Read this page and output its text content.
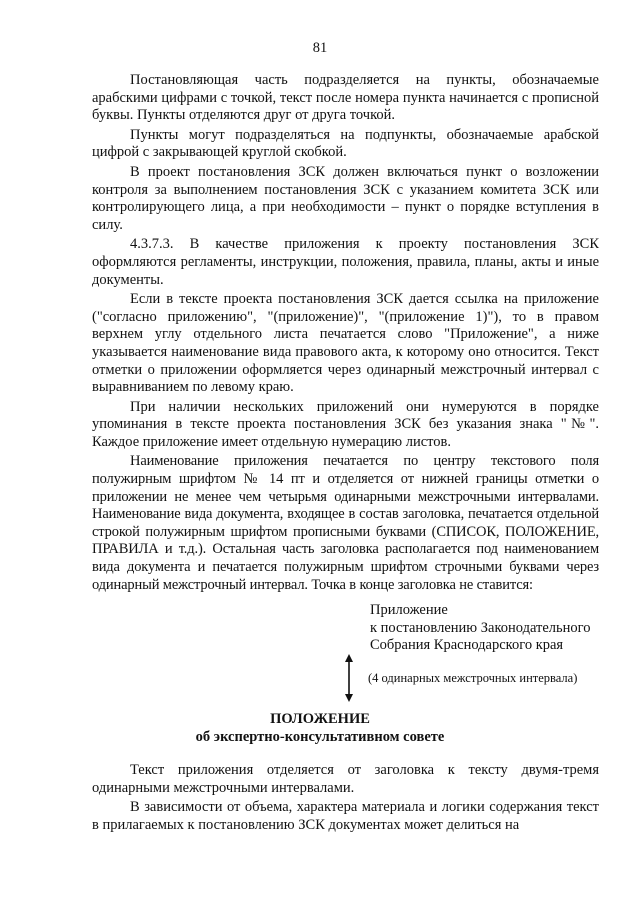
81

Постановляющая часть подразделяется на пункты, обозначаемые арабскими цифрами с точкой, текст после номера пункта начинается с прописной буквы. Пункты отделяются друг от друга точкой.

Пункты могут подразделяться на подпункты, обозначаемые арабской цифрой с закрывающей круглой скобкой.

В проект постановления ЗСК должен включаться пункт о возложении контроля за выполнением постановления ЗСК с указанием комитета ЗСК или контролирующего лица, а при необходимости – пункт о порядке вступления в силу.

4.3.7.3. В качестве приложения к проекту постановления ЗСК оформляются регламенты, инструкции, положения, правила, планы, акты и иные документы.

Если в тексте проекта постановления ЗСК дается ссылка на приложение ("согласно приложению", "(приложение)", "(приложение 1)"), то в правом верхнем углу отдельного листа печатается слово "Приложение", а ниже указывается наименование вида правового акта, к которому оно относится. Текст отметки о приложении оформляется через одинарный межстрочный интервал с выравниванием по левому краю.

При наличии нескольких приложений они нумеруются в порядке упоминания в тексте проекта постановления ЗСК без указания знака "№". Каждое приложение имеет отдельную нумерацию листов.

Наименование приложения печатается по центру текстового поля полужирным шрифтом № 14 пт и отделяется от нижней границы отметки о приложении не менее чем четырьмя одинарными межстрочными интервалами. Наименование вида документа, входящее в состав заголовка, печатается отдельной строкой полужирным шрифтом прописными буквами (СПИСОК, ПОЛОЖЕНИЕ, ПРАВИЛА и т.д.). Остальная часть заголовка располагается под наименованием вида документа и печатается полужирным шрифтом строчными буквами через одинарный межстрочный интервал. Точка в конце заголовка не ставится:

Приложение
к постановлению Законодательного
Собрания Краснодарского края
(4 одинарных межстрочных интервала)
ПОЛОЖЕНИЕ
об экспертно-консультативном совете

Текст приложения отделяется от заголовка к тексту двумя-тремя одинарными межстрочными интервалами.

В зависимости от объема, характера материала и логики содержания текст в прилагаемых к постановлению ЗСК документах может делиться на
